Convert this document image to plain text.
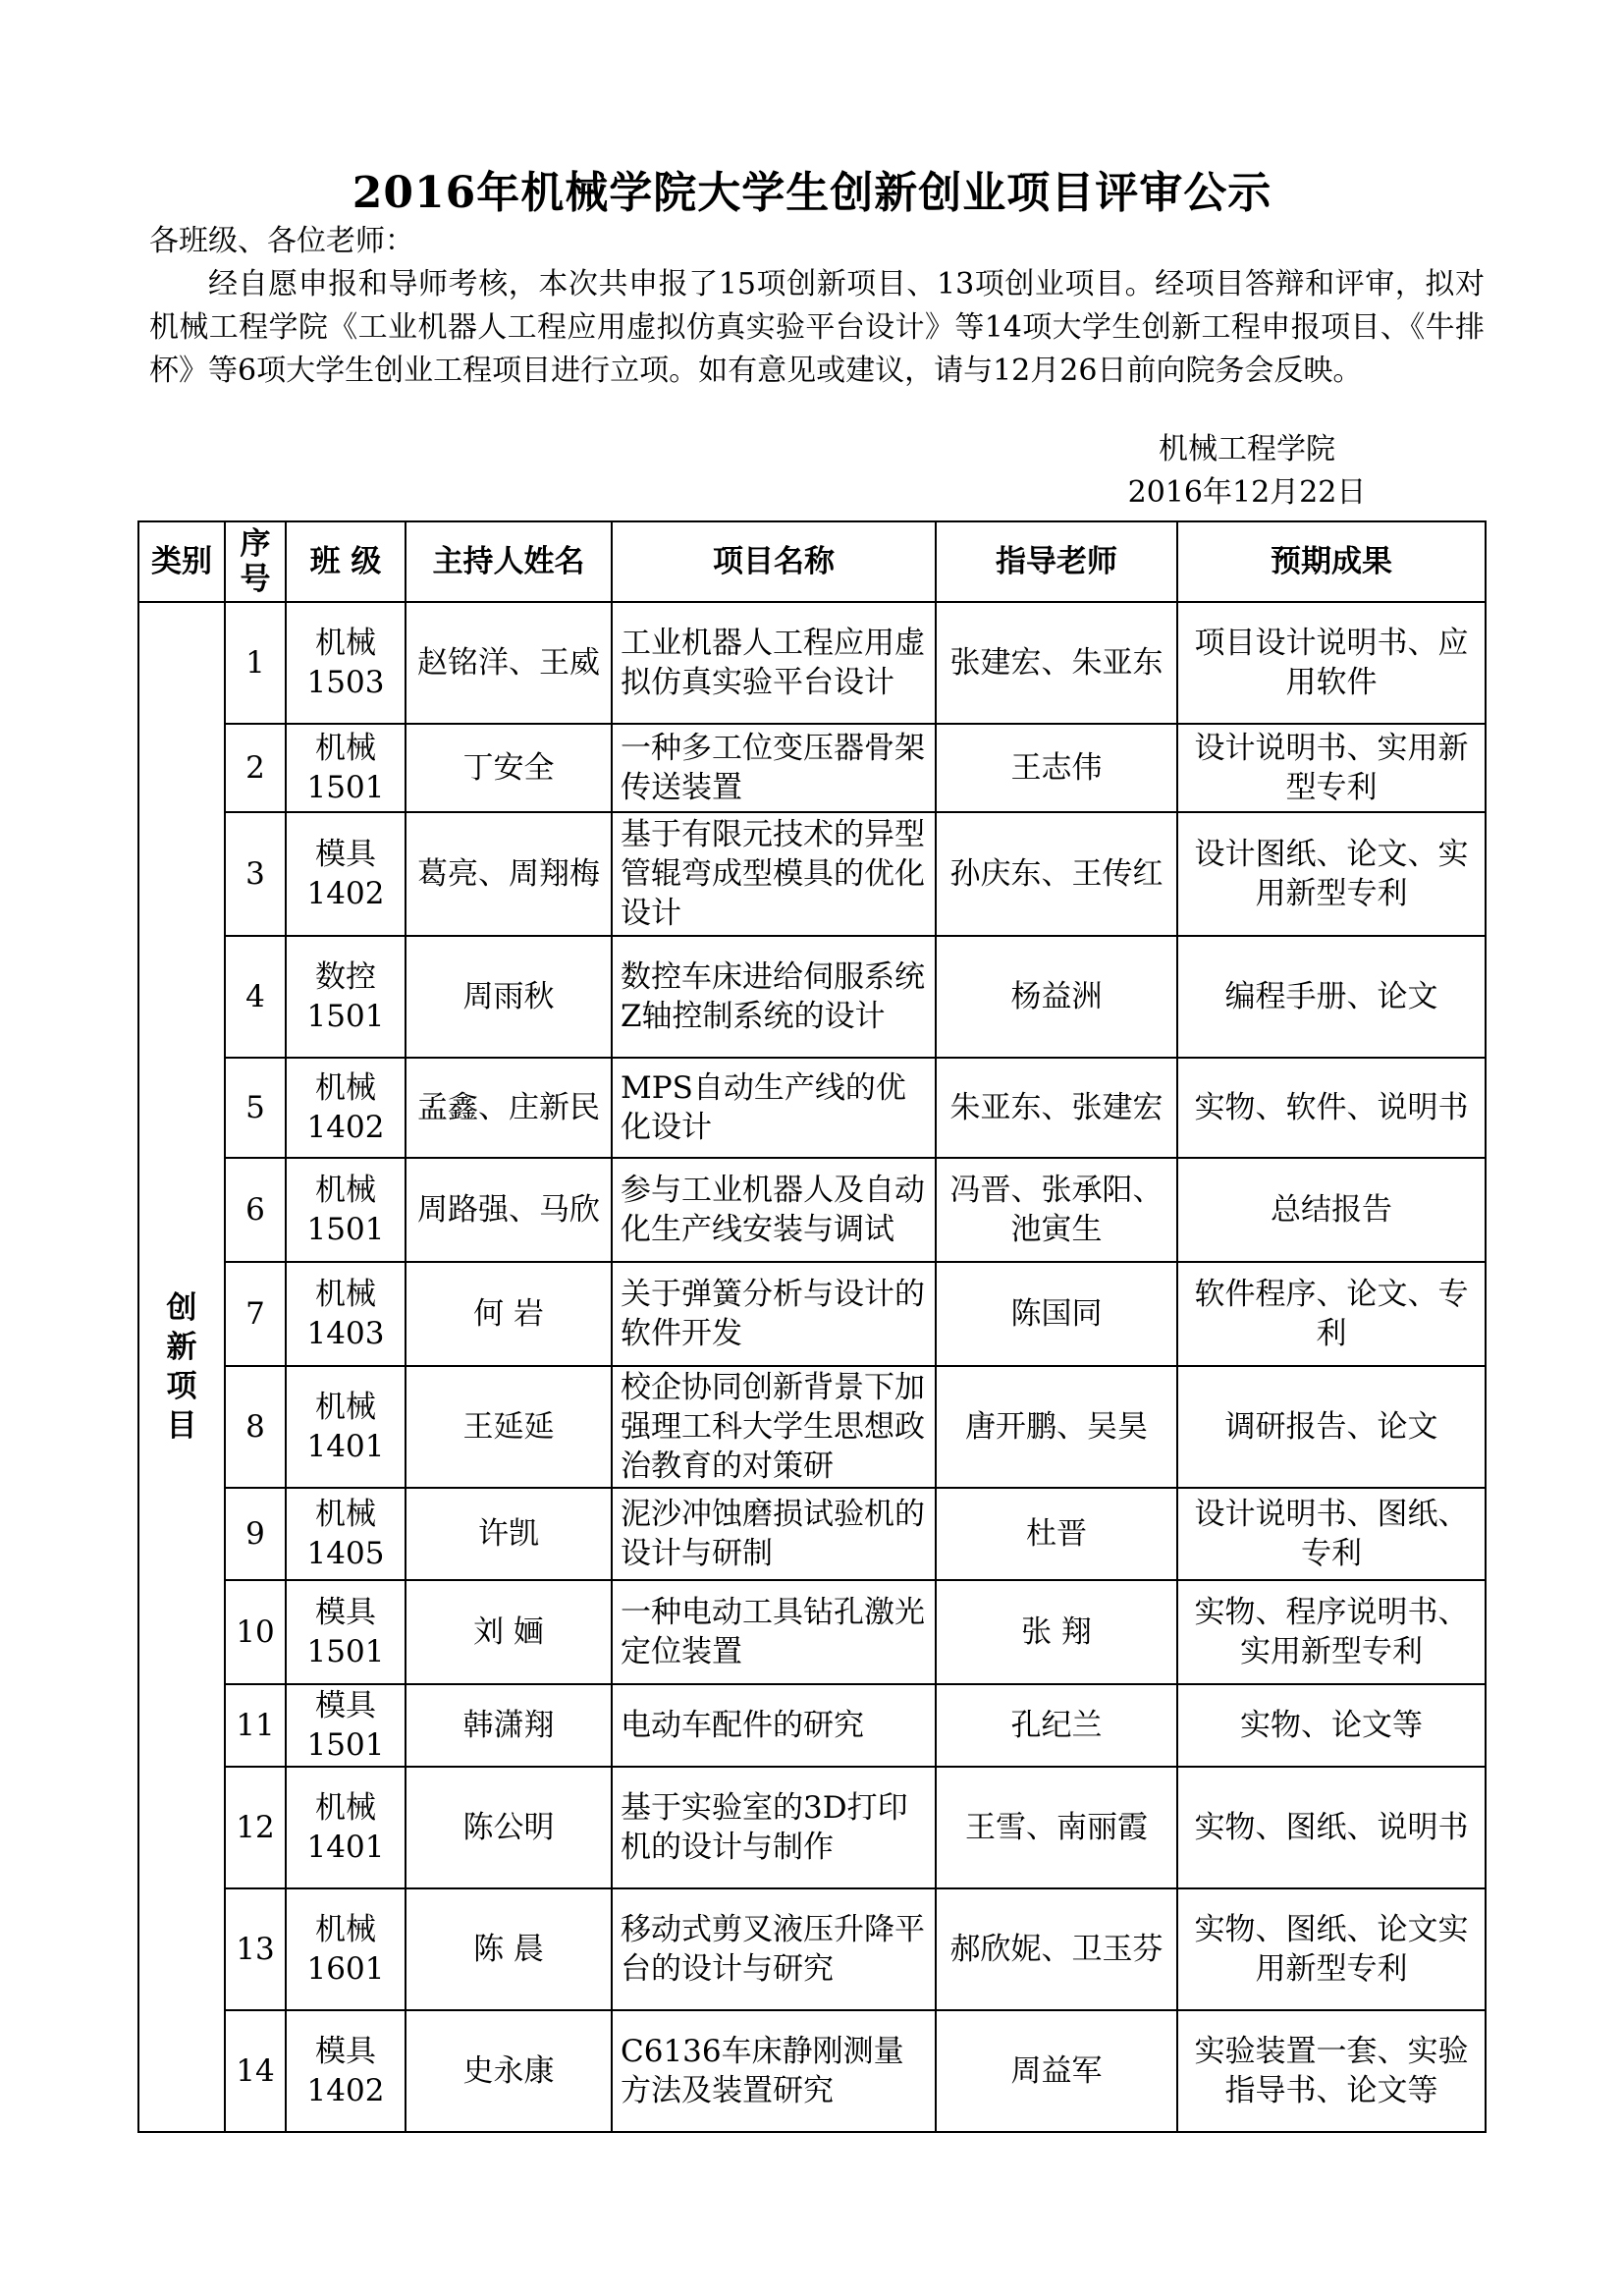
2016年机械学院大学生创新创业项目评审公示
各班级、各位老师：
经自愿申报和导师考核，本次共申报了15项创新项目、13项创业项目。经项目答辩和评审，拟对机械工程学院《工业机器人工程应用虚拟仿真实验平台设计》等14项大学生创新工程申报项目、《牛排杯》等6项大学生创业工程项目进行立项。如有意见或建议，请与12月26日前向院务会反映。
机械工程学院
2016年12月22日
类别	序号	班 级	主持人姓名	项目名称	指导老师	预期成果
创新项目	1	机械1503	赵铭洋、王威	工业机器人工程应用虚拟仿真实验平台设计	张建宏、朱亚东	项目设计说明书、应用软件

	2	机械1501	丁安全	一种多工位变压器骨架传送装置	王志伟	设计说明书、实用新型专利

	3	模具1402	葛亮、周翔梅	基于有限元技术的异型管辊弯成型模具的优化设计	孙庆东、王传红	设计图纸、论文、实用新型专利

	4	数控1501	周雨秋	数控车床进给伺服系统Z轴控制系统的设计	杨益洲	编程手册、论文

	5	机械1402	孟鑫、庄新民	MPS自动生产线的优化设计	朱亚东、张建宏	实物、软件、说明书

	6	机械1501	周路强、马欣	参与工业机器人及自动化生产线安装与调试	冯晋、张承阳、池寅生	总结报告

	7	机械1403	何 岩	关于弹簧分析与设计的软件开发	陈国同	软件程序、论文、专利

	8	机械1401	王延延	校企协同创新背景下加强理工科大学生思想政治教育的对策研	唐开鹏、吴昊	调研报告、论文

	9	机械1405	许凯	泥沙冲蚀磨损试验机的设计与研制	杜晋	设计说明书、图纸、专利

	10	模具1501	刘 婳	一种电动工具钻孔激光定位装置	张 翔	实物、程序说明书、实用新型专利

	11	模具1501	韩潇翔	电动车配件的研究	孔纪兰	实物、论文等

	12	机械1401	陈公明	基于实验室的3D打印机的设计与制作	王雪、南丽霞	实物、图纸、说明书

	13	机械1601	陈 晨	移动式剪叉液压升降平台的设计与研究	郝欣妮、卫玉芬	实物、图纸、论文实用新型专利

	14	模具1402	史永康	C6136车床静刚测量方法及装置研究	周益军	实验装置一套、实验指导书、论文等
